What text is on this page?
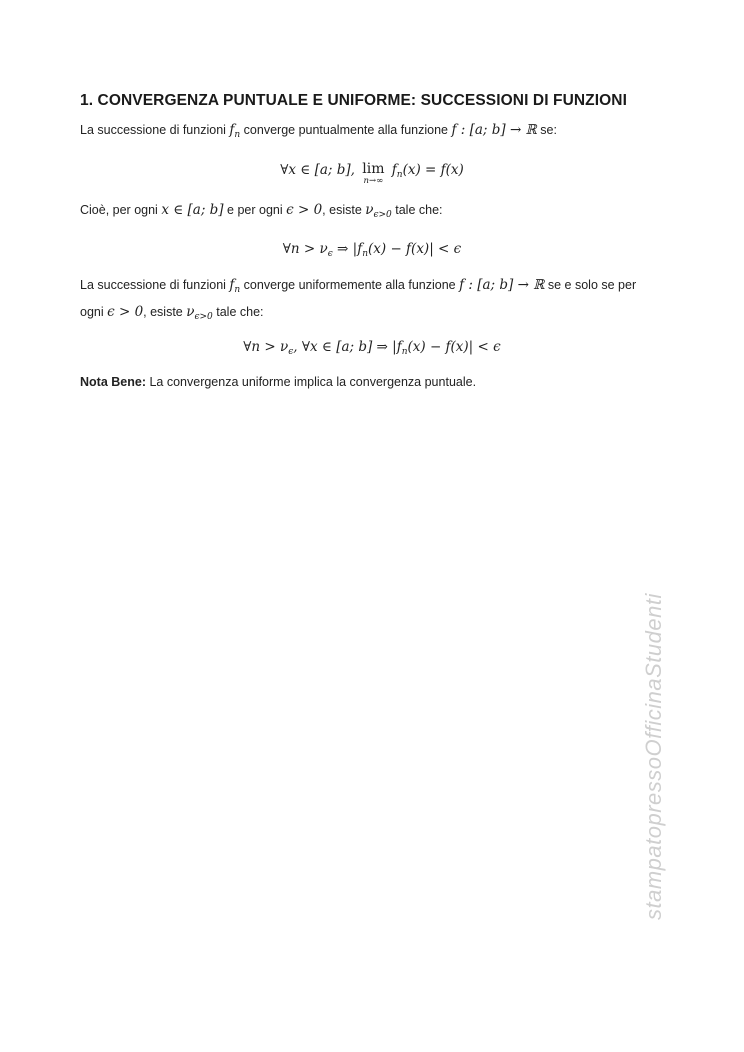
1. CONVERGENZA PUNTUALE E UNIFORME: SUCCESSIONI DI FUNZIONI
La successione di funzioni $f_n$ converge puntualmente alla funzione f : [a; b] → ℝ se:
∀x ∈ [a; b], lim
n→∞
$f_n(x) = f(x)$
Cioè, per ogni x ∈ [a; b] e per ogni ϵ > 0, esiste $\nu_{\epsilon>0}$ tale che:
∀n > $\nu_\epsilon$ ⇒ $|f_n(x) - f(x)| < \epsilon$
La successione di funzioni $f_n$ converge uniformemente alla funzione f : [a; b] → ℝ se e solo se per ogni ϵ > 0, esiste $\nu_{\epsilon>0}$ tale che:
∀n > $\nu_\epsilon$, ∀x ∈ [a; b] ⇒ $|f_n(x) - f(x)| < \epsilon$
Nota Bene: La convergenza uniforme implica la convergenza puntuale.
stampatopressoOfficinaStudenti
